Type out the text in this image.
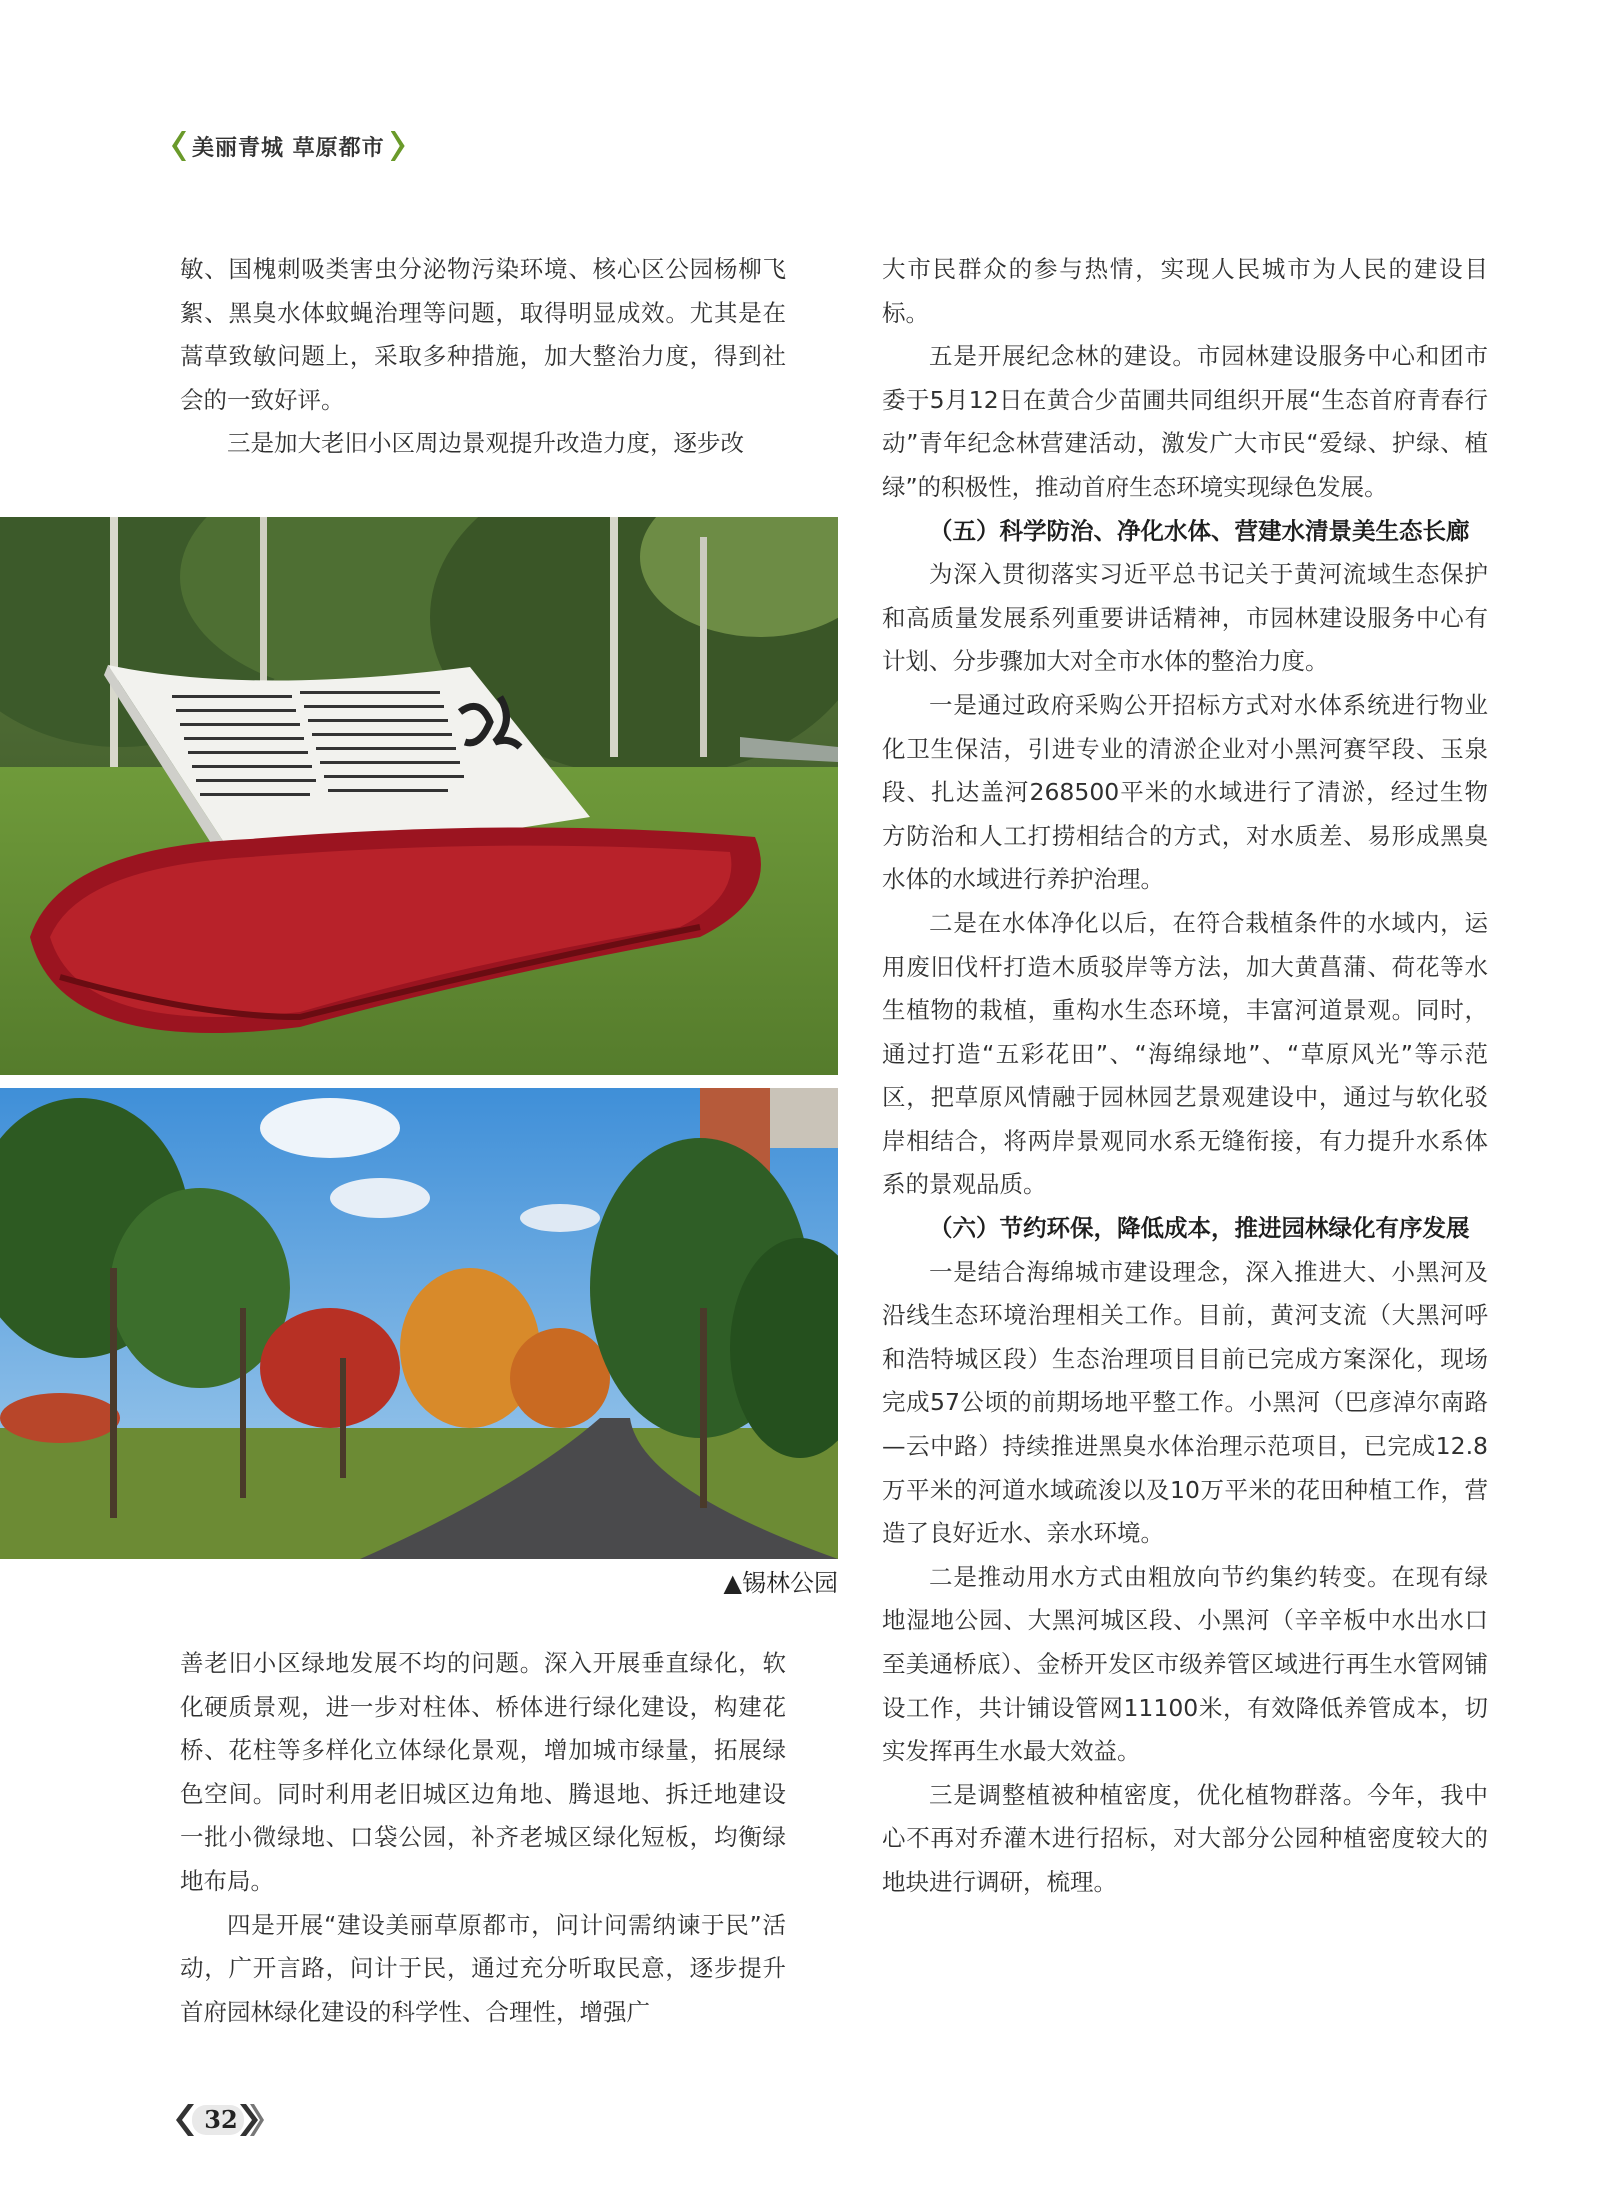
美丽青城 草原都市

敏、国槐刺吸类害虫分泌物污染环境、核心区公园杨柳飞絮、黑臭水体蚊蝇治理等问题，取得明显成效。尤其是在蒿草致敏问题上，采取多种措施，加大整治力度，得到社会的一致好评。

三是加大老旧小区周边景观提升改造力度，逐步改

▲锡林公园

善老旧小区绿地发展不均的问题。深入开展垂直绿化，软化硬质景观，进一步对柱体、桥体进行绿化建设，构建花桥、花柱等多样化立体绿化景观，增加城市绿量，拓展绿色空间。同时利用老旧城区边角地、腾退地、拆迁地建设一批小微绿地、口袋公园，补齐老城区绿化短板，均衡绿地布局。

四是开展“建设美丽草原都市，问计问需纳谏于民”活动，广开言路，问计于民，通过充分听取民意，逐步提升首府园林绿化建设的科学性、合理性，增强广

大市民群众的参与热情，实现人民城市为人民的建设目标。

五是开展纪念林的建设。市园林建设服务中心和团市委于5月12日在黄合少苗圃共同组织开展“生态首府青春行动”青年纪念林营建活动，激发广大市民“爱绿、护绿、植绿”的积极性，推动首府生态环境实现绿色发展。

（五）科学防治、净化水体、营建水清景美生态长廊

为深入贯彻落实习近平总书记关于黄河流域生态保护和高质量发展系列重要讲话精神，市园林建设服务中心有计划、分步骤加大对全市水体的整治力度。

一是通过政府采购公开招标方式对水体系统进行物业化卫生保洁，引进专业的清淤企业对小黑河赛罕段、玉泉段、扎达盖河268500平米的水域进行了清淤，经过生物方防治和人工打捞相结合的方式，对水质差、易形成黑臭水体的水域进行养护治理。

二是在水体净化以后，在符合栽植条件的水域内，运用废旧伐杆打造木质驳岸等方法，加大黄菖蒲、荷花等水生植物的栽植，重构水生态环境，丰富河道景观。同时，通过打造“五彩花田”、“海绵绿地”、“草原风光”等示范区，把草原风情融于园林园艺景观建设中，通过与软化驳岸相结合，将两岸景观同水系无缝衔接，有力提升水系体系的景观品质。

（六）节约环保，降低成本，推进园林绿化有序发展

一是结合海绵城市建设理念，深入推进大、小黑河及沿线生态环境治理相关工作。目前，黄河支流（大黑河呼和浩特城区段）生态治理项目目前已完成方案深化，现场完成57公顷的前期场地平整工作。小黑河（巴彦淖尔南路—云中路）持续推进黑臭水体治理示范项目，已完成12.8万平米的河道水域疏浚以及10万平米的花田种植工作，营造了良好近水、亲水环境。

二是推动用水方式由粗放向节约集约转变。在现有绿地湿地公园、大黑河城区段、小黑河（辛辛板中水出水口至美通桥底）、金桥开发区市级养管区域进行再生水管网铺设工作，共计铺设管网11100米，有效降低养管成本，切实发挥再生水最大效益。

三是调整植被种植密度，优化植物群落。今年，我中心不再对乔灌木进行招标，对大部分公园种植密度较大的地块进行调研，梳理。

32
